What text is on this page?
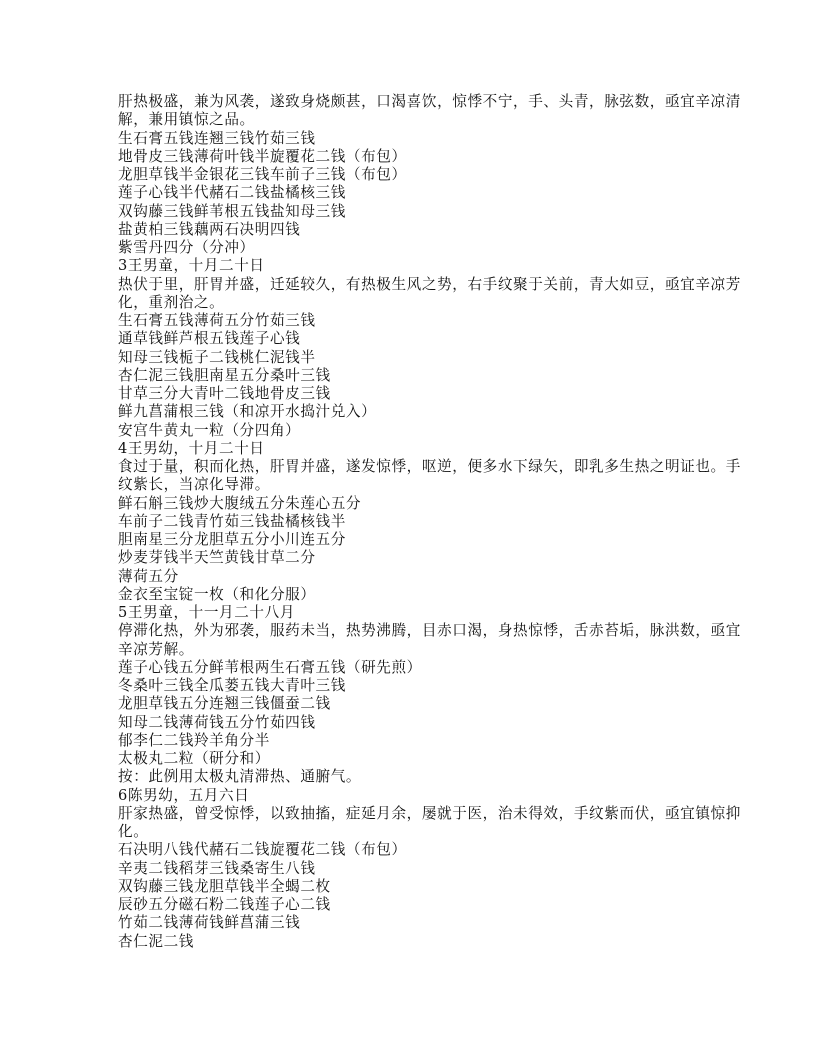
肝热极盛，兼为风袭，遂致身烧颇甚，口渴喜饮，惊悸不宁，手、头青，脉弦数，亟宜辛凉清
解，兼用镇惊之品。
生石膏五钱连翘三钱竹茹三钱
地骨皮三钱薄荷叶钱半旋覆花二钱（布包）
龙胆草钱半金银花三钱车前子三钱（布包）
莲子心钱半代赭石二钱盐橘核三钱
双钩藤三钱鲜苇根五钱盐知母三钱
盐黄柏三钱藕两石决明四钱
紫雪丹四分（分冲）
3王男童，十月二十日
热伏于里，肝胃并盛，迁延较久，有热极生风之势，右手纹聚于关前，青大如豆，亟宜辛凉芳
化，重剂治之。
生石膏五钱薄荷五分竹茹三钱
通草钱鲜芦根五钱莲子心钱
知母三钱栀子二钱桃仁泥钱半
杏仁泥三钱胆南星五分桑叶三钱
甘草三分大青叶二钱地骨皮三钱
鲜九菖蒲根三钱（和凉开水捣汁兑入）
安宫牛黄丸一粒（分四角）
4王男幼，十月二十日
食过于量，积而化热，肝胃并盛，遂发惊悸，呕逆，便多水下绿矢，即乳多生热之明证也。手
纹紫长，当凉化导滞。
鲜石斛三钱炒大腹绒五分朱莲心五分
车前子二钱青竹茹三钱盐橘核钱半
胆南星三分龙胆草五分小川连五分
炒麦芽钱半天竺黄钱甘草二分
薄荷五分
金衣至宝锭一枚（和化分服）
5王男童，十一月二十八月
停滞化热，外为邪袭，服药未当，热势沸腾，目赤口渴，身热惊悸，舌赤苔垢，脉洪数，亟宜
辛凉芳解。
莲子心钱五分鲜苇根两生石膏五钱（研先煎）
冬桑叶三钱全瓜蒌五钱大青叶三钱
龙胆草钱五分连翘三钱僵蚕二钱
知母二钱薄荷钱五分竹茹四钱
郁李仁二钱羚羊角分半
太极丸二粒（研分和）
按：此例用太极丸清滞热、通腑气。
6陈男幼，五月六日
肝家热盛，曾受惊悸，以致抽搐，症延月余，屡就于医，治未得效，手纹紫而伏，亟宜镇惊抑
化。
石决明八钱代赭石二钱旋覆花二钱（布包）
辛夷二钱稻芽三钱桑寄生八钱
双钩藤三钱龙胆草钱半全蝎二枚
辰砂五分磁石粉二钱莲子心二钱
竹茹二钱薄荷钱鲜菖蒲三钱
杏仁泥二钱
